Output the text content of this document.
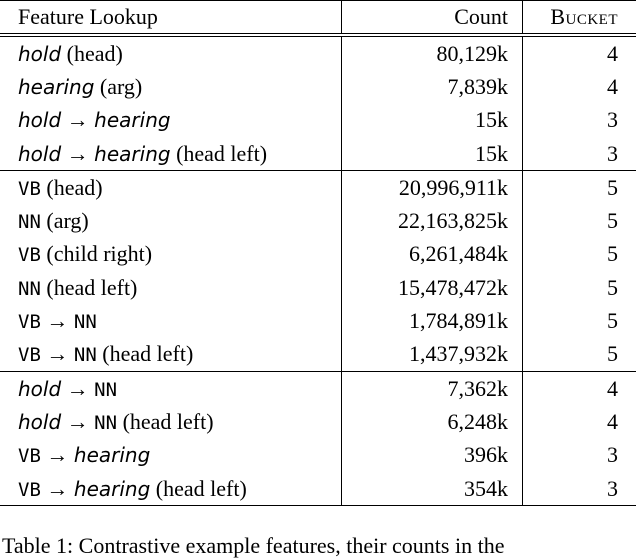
Feature Lookup	Count	Bucket
hold (head)	80,129k	4
hearing (arg)	7,839k	4
hold → hearing	15k	3
hold → hearing (head left)	15k	3
VB (head)	20,996,911k	5
NN (arg)	22,163,825k	5
VB (child right)	6,261,484k	5
NN (head left)	15,478,472k	5
VB → NN	1,784,891k	5
VB → NN (head left)	1,437,932k	5
hold → NN	7,362k	4
hold → NN (head left)	6,248k	4
VB → hearing	396k	3
VB → hearing (head left)	354k	3
Table 1: Contrastive example features, their counts in the
